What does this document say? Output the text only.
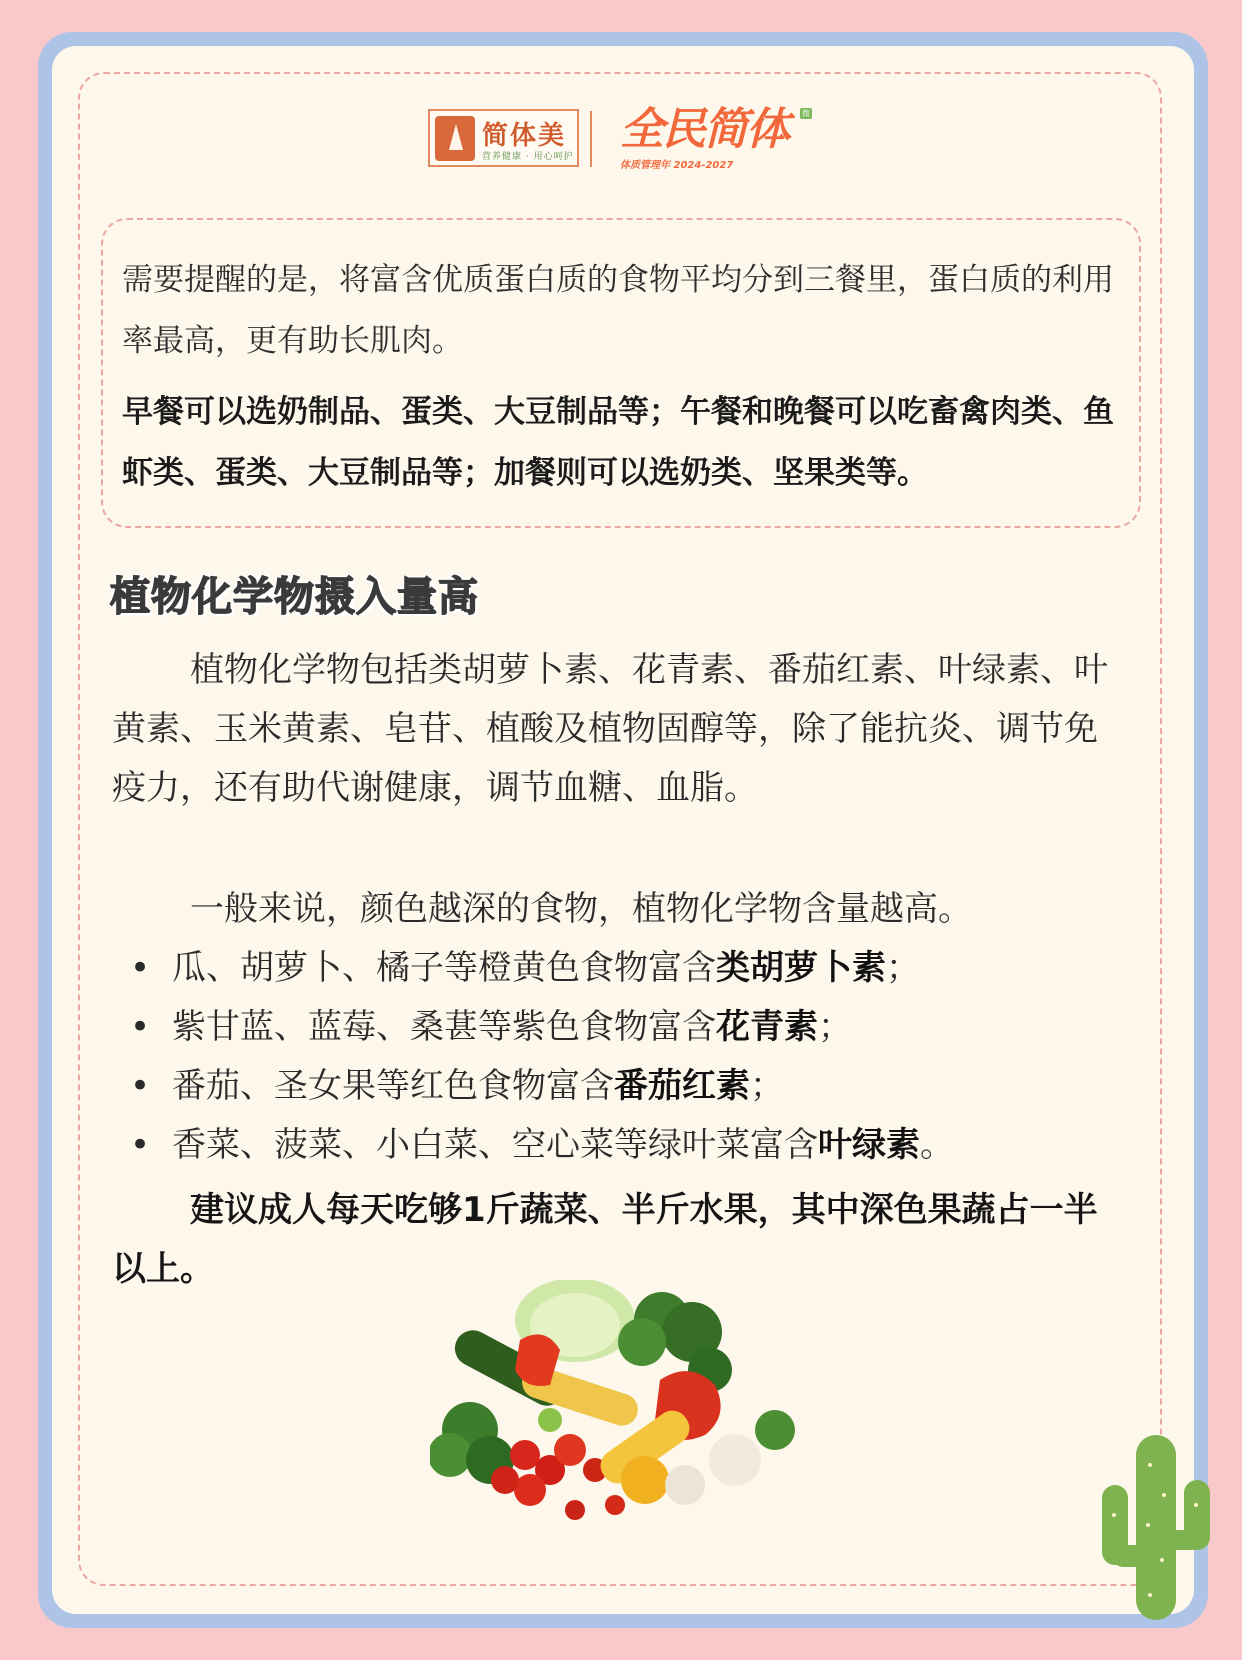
简体美
营养健康 · 用心呵护
全民简体 微
体质管理年 2024-2027

需要提醒的是，将富含优质蛋白质的食物平均分到三餐里，蛋白质的利用率最高，更有助长肌肉。

早餐可以选奶制品、蛋类、大豆制品等；午餐和晚餐可以吃畜禽肉类、鱼虾类、蛋类、大豆制品等；加餐则可以选奶类、坚果类等。

植物化学物摄入量高

植物化学物包括类胡萝卜素、花青素、番茄红素、叶绿素、叶黄素、玉米黄素、皂苷、植酸及植物固醇等，除了能抗炎、调节免疫力，还有助代谢健康，调节血糖、血脂。

一般来说，颜色越深的食物，植物化学物含量越高。

• 瓜、胡萝卜、橘子等橙黄色食物富含类胡萝卜素；
• 紫甘蓝、蓝莓、桑葚等紫色食物富含花青素；
• 番茄、圣女果等红色食物富含番茄红素；
• 香菜、菠菜、小白菜、空心菜等绿叶菜富含叶绿素。

建议成人每天吃够1斤蔬菜、半斤水果，其中深色果蔬占一半以上。
